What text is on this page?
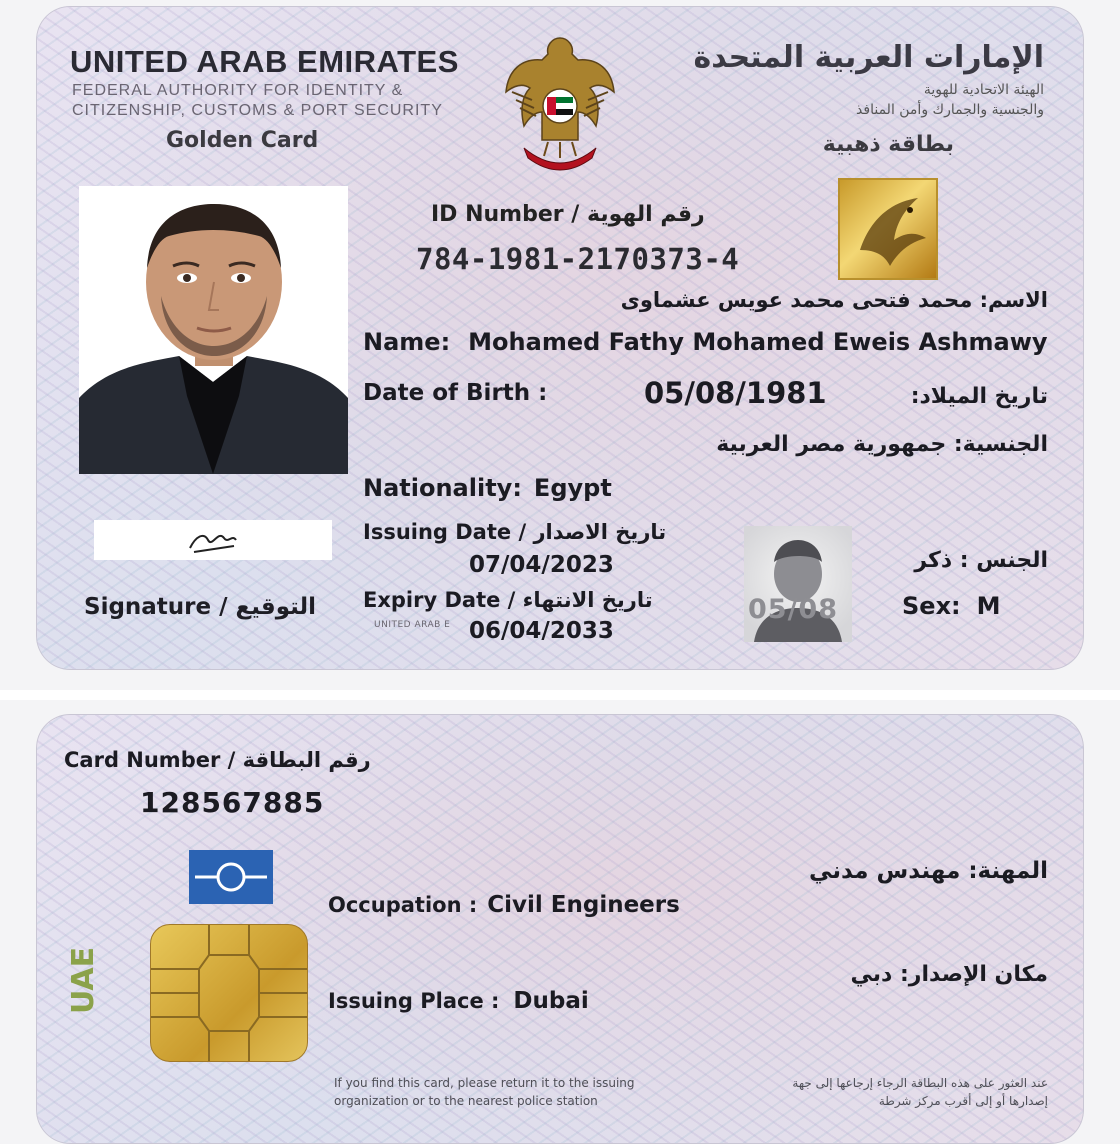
UNITED ARAB EMIRATES
FEDERAL AUTHORITY FOR IDENTITY &
CITIZENSHIP, CUSTOMS & PORT SECURITY
Golden Card
الإمارات العربية المتحدة
الهيئة الاتحادية للهوية
والجنسية والجمارك وأمن المنافذ
بطاقة ذهبية
ID Number / رقم الهوية
784-1981-2170373-4
الاسم: محمد فتحى محمد عويس عشماوى
Name: Mohamed Fathy Mohamed Eweis Ashmawy
Date of Birth :	05/08/1981	تاريخ الميلاد:
الجنسية: جمهورية مصر العربية
Nationality: Egypt
Issuing Date / تاريخ الاصدار
07/04/2023
Expiry Date / تاريخ الانتهاء
UNITED ARAB E 06/04/2033
05/08
الجنس : ذكر
Sex: M
Signature / التوقيع
Card Number / رقم البطاقة
128567885
UAE
المهنة: مهندس مدني
Occupation : Civil Engineers
مكان الإصدار: دبي
Issuing Place : Dubai
If you find this card, please return it to the issuing
organization or to the nearest police station
عند العثور على هذه البطاقة الرجاء إرجاعها إلى جهة
إصدارها أو إلى أقرب مركز شرطة
